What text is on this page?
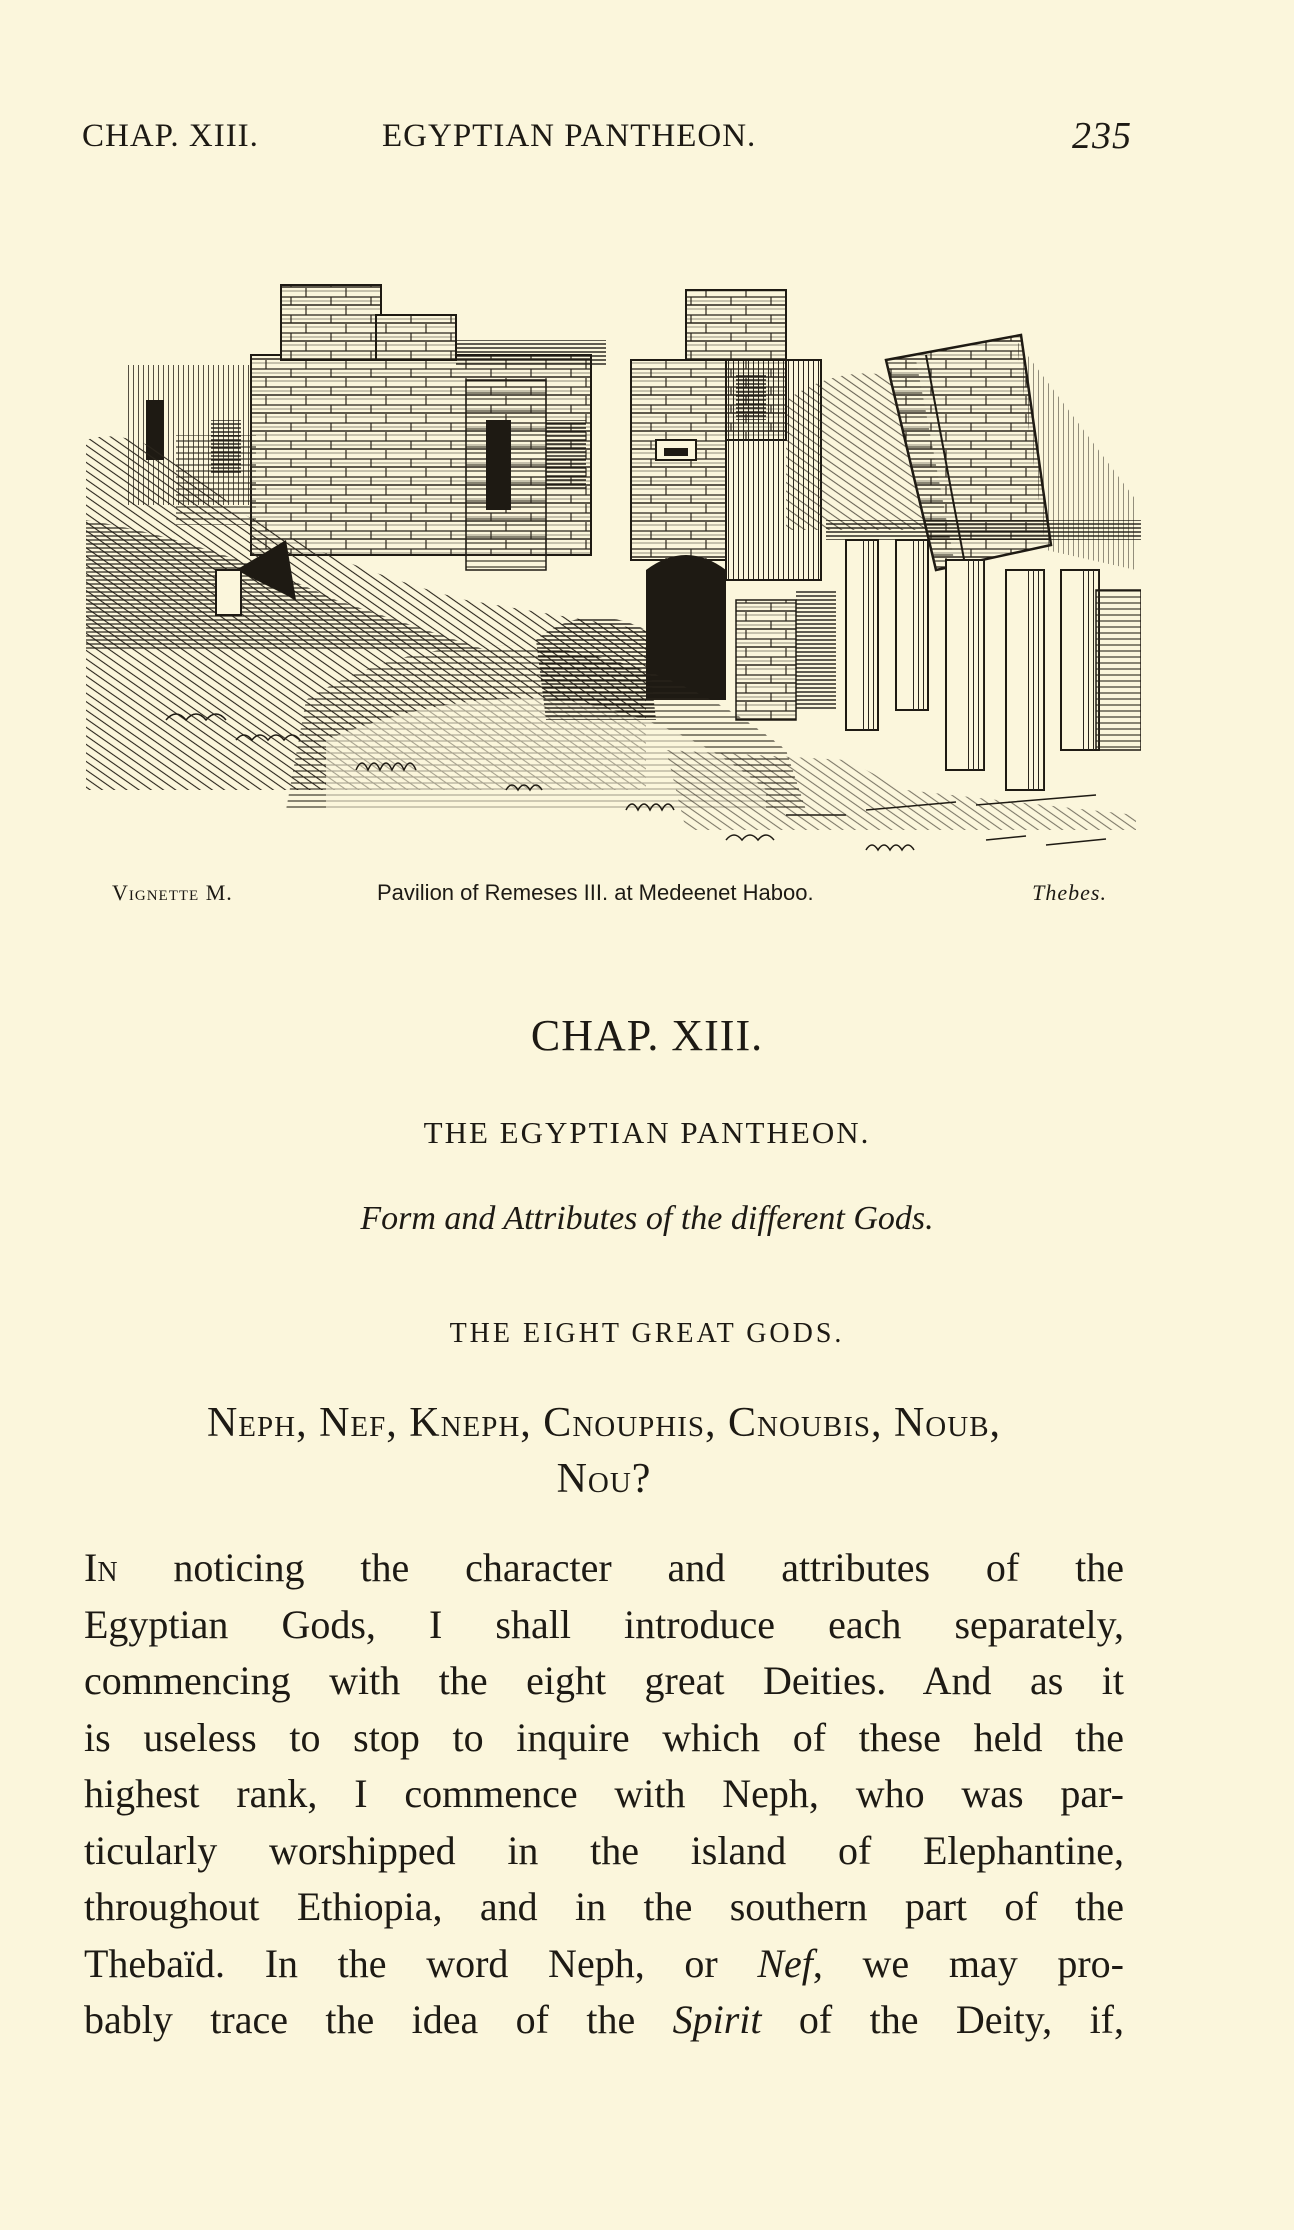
CHAP. XIII.	EGYPTIAN PANTHEON.	235
Vignette M.	Pavilion of Remeses III. at Medeenet Haboo.	Thebes.
CHAP. XIII.
THE EGYPTIAN PANTHEON.
Form and Attributes of the different Gods.
THE EIGHT GREAT GODS.
Neph, Nef, Kneph, Cnouphis, Cnoubis, Noub,
Nou?
In noticing the character and attributes of the
Egyptian Gods, I shall introduce each separately,
commencing with the eight great Deities. And as it
is useless to stop to inquire which of these held the
highest rank, I commence with Neph, who was par-
ticularly worshipped in the island of Elephantine,
throughout Ethiopia, and in the southern part of the
Thebaïd. In the word Neph, or Nef, we may pro-
bably trace the idea of the Spirit of the Deity, if,
